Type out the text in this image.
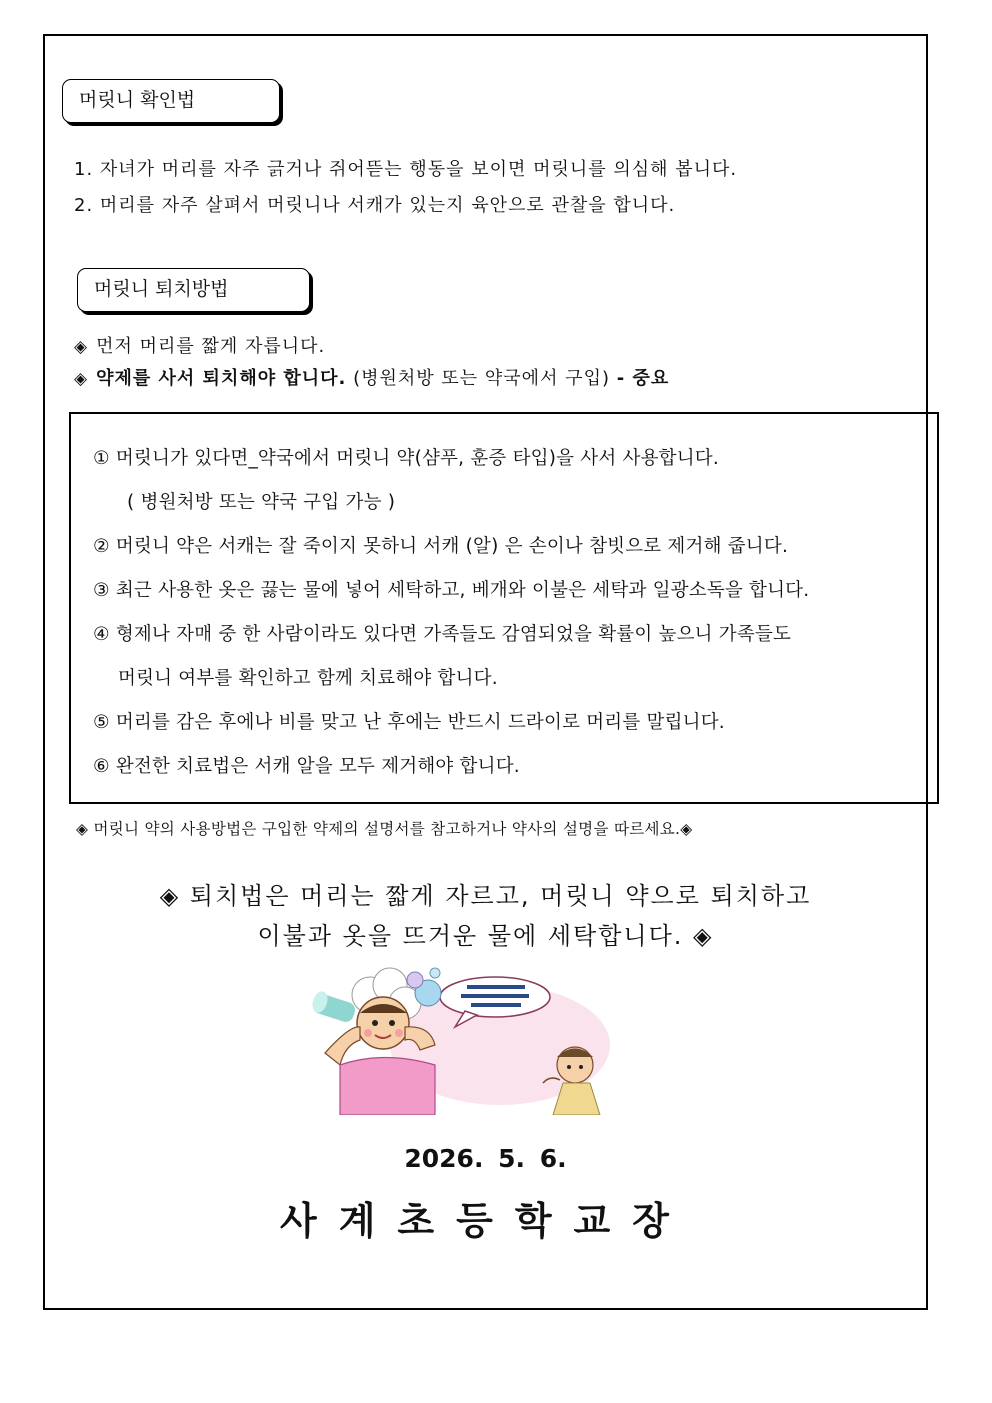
머릿니 확인법
1. 자녀가 머리를 자주 긁거나 쥐어뜯는 행동을 보이면 머릿니를 의심해 봅니다.
2. 머리를 자주 살펴서 머릿니나 서캐가 있는지 육안으로 관찰을 합니다.
머릿니 퇴치방법
◈ 먼저 머리를 짧게 자릅니다.
◈ 약제를 사서 퇴치해야 합니다. (병원처방 또는 약국에서 구입) - 중요
① 머릿니가 있다면_약국에서 머릿니 약(샴푸, 훈증 타입)을 사서 사용합니다.
( 병원처방 또는 약국 구입 가능 )
② 머릿니 약은 서캐는 잘 죽이지 못하니 서캐 (알) 은 손이나 참빗으로 제거해 줍니다.
③ 최근 사용한 옷은 끓는 물에 넣어 세탁하고, 베개와 이불은 세탁과 일광소독을 합니다.
④ 형제나 자매 중 한 사람이라도 있다면 가족들도 감염되었을 확률이 높으니 가족들도
머릿니 여부를 확인하고 함께 치료해야 합니다.
⑤ 머리를 감은 후에나 비를 맞고 난 후에는 반드시 드라이로 머리를 말립니다.
⑥ 완전한 치료법은 서캐 알을 모두 제거해야 합니다.
◈ 머릿니 약의 사용방법은 구입한 약제의 설명서를 참고하거나 약사의 설명을 따르세요.◈
◈ 퇴치법은 머리는 짧게 자르고, 머릿니 약으로 퇴치하고
이불과 옷을 뜨거운 물에 세탁합니다. ◈
2026. 5. 6.
사계초등학교장
